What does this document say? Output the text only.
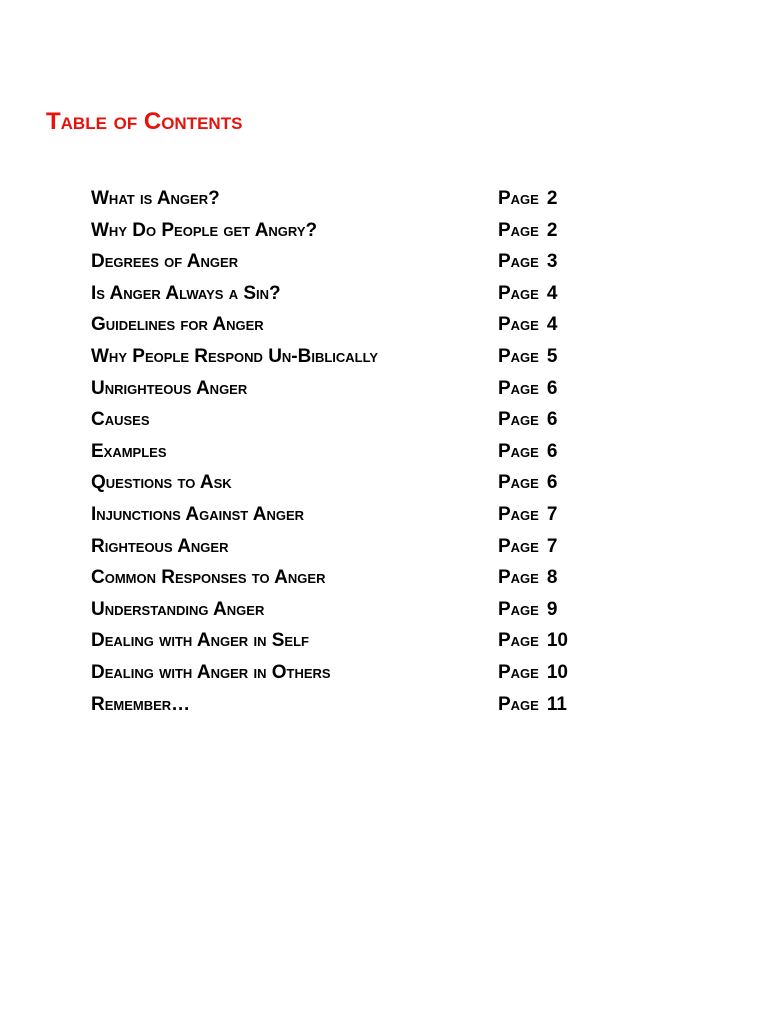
Table of Contents
What is Anger?	Page 2
Why Do People get Angry?	Page 2
Degrees of Anger	Page 3
Is Anger Always a Sin?	Page 4
Guidelines for Anger	Page 4
Why People Respond Un-Biblically	Page 5
Unrighteous Anger	Page 6
Causes	Page 6
Examples	Page 6
Questions to Ask	Page 6
Injunctions Against Anger	Page 7
Righteous Anger	Page 7
Common Responses to Anger	Page 8
Understanding Anger	Page 9
Dealing with Anger in Self	Page 10
Dealing with Anger in Others	Page 10
Remember…	Page 11
